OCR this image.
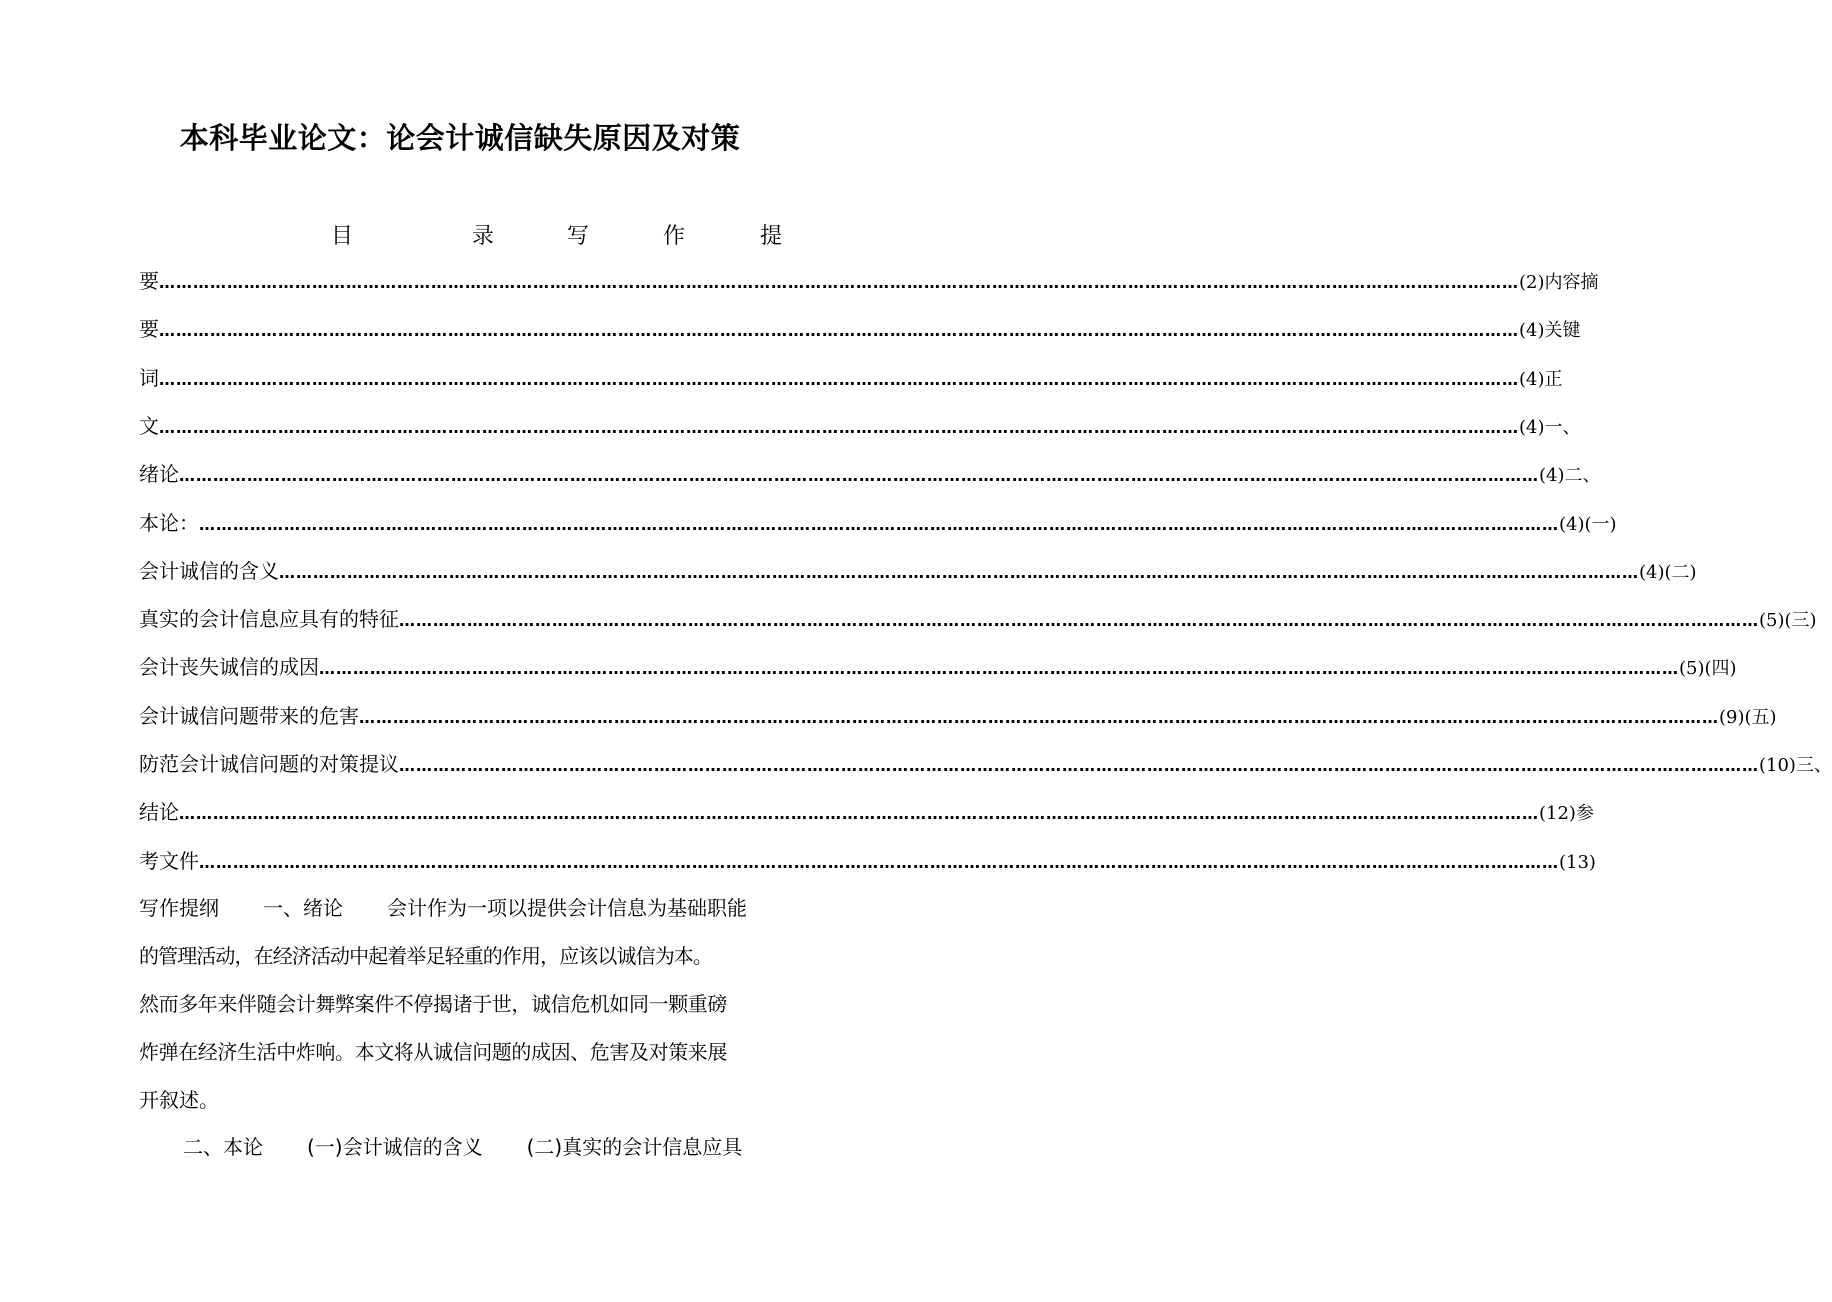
本科毕业论文：论会计诚信缺失原因及对策
目	录	写	作	提
要 …………………………………………………………………………………………………………………………………………………………………………………………………………………… (2)内容摘
要 …………………………………………………………………………………………………………………………………………………………………………………………………………………… (4)关键
词 …………………………………………………………………………………………………………………………………………………………………………………………………………………… (4)正
文 …………………………………………………………………………………………………………………………………………………………………………………………………………………… (4)一、
绪论 …………………………………………………………………………………………………………………………………………………………………………………………………………………… (4)二、
本论： …………………………………………………………………………………………………………………………………………………………………………………………………………………… (4)(一)
会计诚信的含义 …………………………………………………………………………………………………………………………………………………………………………………………………………………… (4)(二)
真实的会计信息应具有的特征 …………………………………………………………………………………………………………………………………………………………………………………………………………………… (5)(三)
会计丧失诚信的成因 …………………………………………………………………………………………………………………………………………………………………………………………………………………… (5)(四)
会计诚信问题带来的危害 …………………………………………………………………………………………………………………………………………………………………………………………………………………… (9)(五)
防范会计诚信问题的对策提议 …………………………………………………………………………………………………………………………………………………………………………………………………………………… (10)三、
结论 …………………………………………………………………………………………………………………………………………………………………………………………………………………… (12)参
考文件 …………………………………………………………………………………………………………………………………………………………………………………………………………………… (13)

写作提纲 一、绪论 会计作为一项以提供会计信息为基础职能

的管理活动，在经济活动中起着举足轻重的作用，应该以诚信为本。

然而多年来伴随会计舞弊案件不停揭诸于世，诚信危机如同一颗重磅

炸弹在经济生活中炸响。本文将从诚信问题的成因、危害及对策来展

开叙述。

二、本论 (一)会计诚信的含义 (二)真实的会计信息应具
